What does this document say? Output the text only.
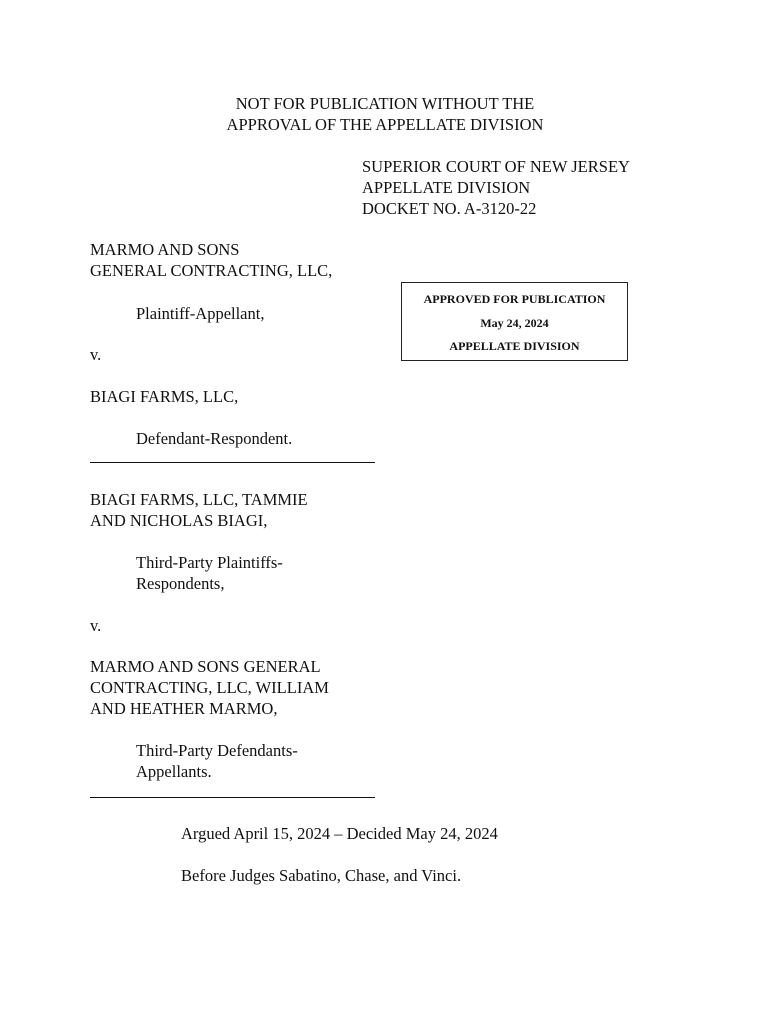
NOT FOR PUBLICATION WITHOUT THE
APPROVAL OF THE APPELLATE DIVISION
SUPERIOR COURT OF NEW JERSEY
APPELLATE DIVISION
DOCKET NO. A-3120-22
APPROVED FOR PUBLICATION
May 24, 2024
APPELLATE DIVISION
MARMO AND SONS
GENERAL CONTRACTING, LLC,
Plaintiff-Appellant,
v.
BIAGI FARMS, LLC,
Defendant-Respondent.
BIAGI FARMS, LLC, TAMMIE
AND NICHOLAS BIAGI,
Third-Party Plaintiffs-
Respondents,
v.
MARMO AND SONS GENERAL
CONTRACTING, LLC, WILLIAM
AND HEATHER MARMO,
Third-Party Defendants-
Appellants.
Argued April 15, 2024 – Decided May 24, 2024
Before Judges Sabatino, Chase, and Vinci.
